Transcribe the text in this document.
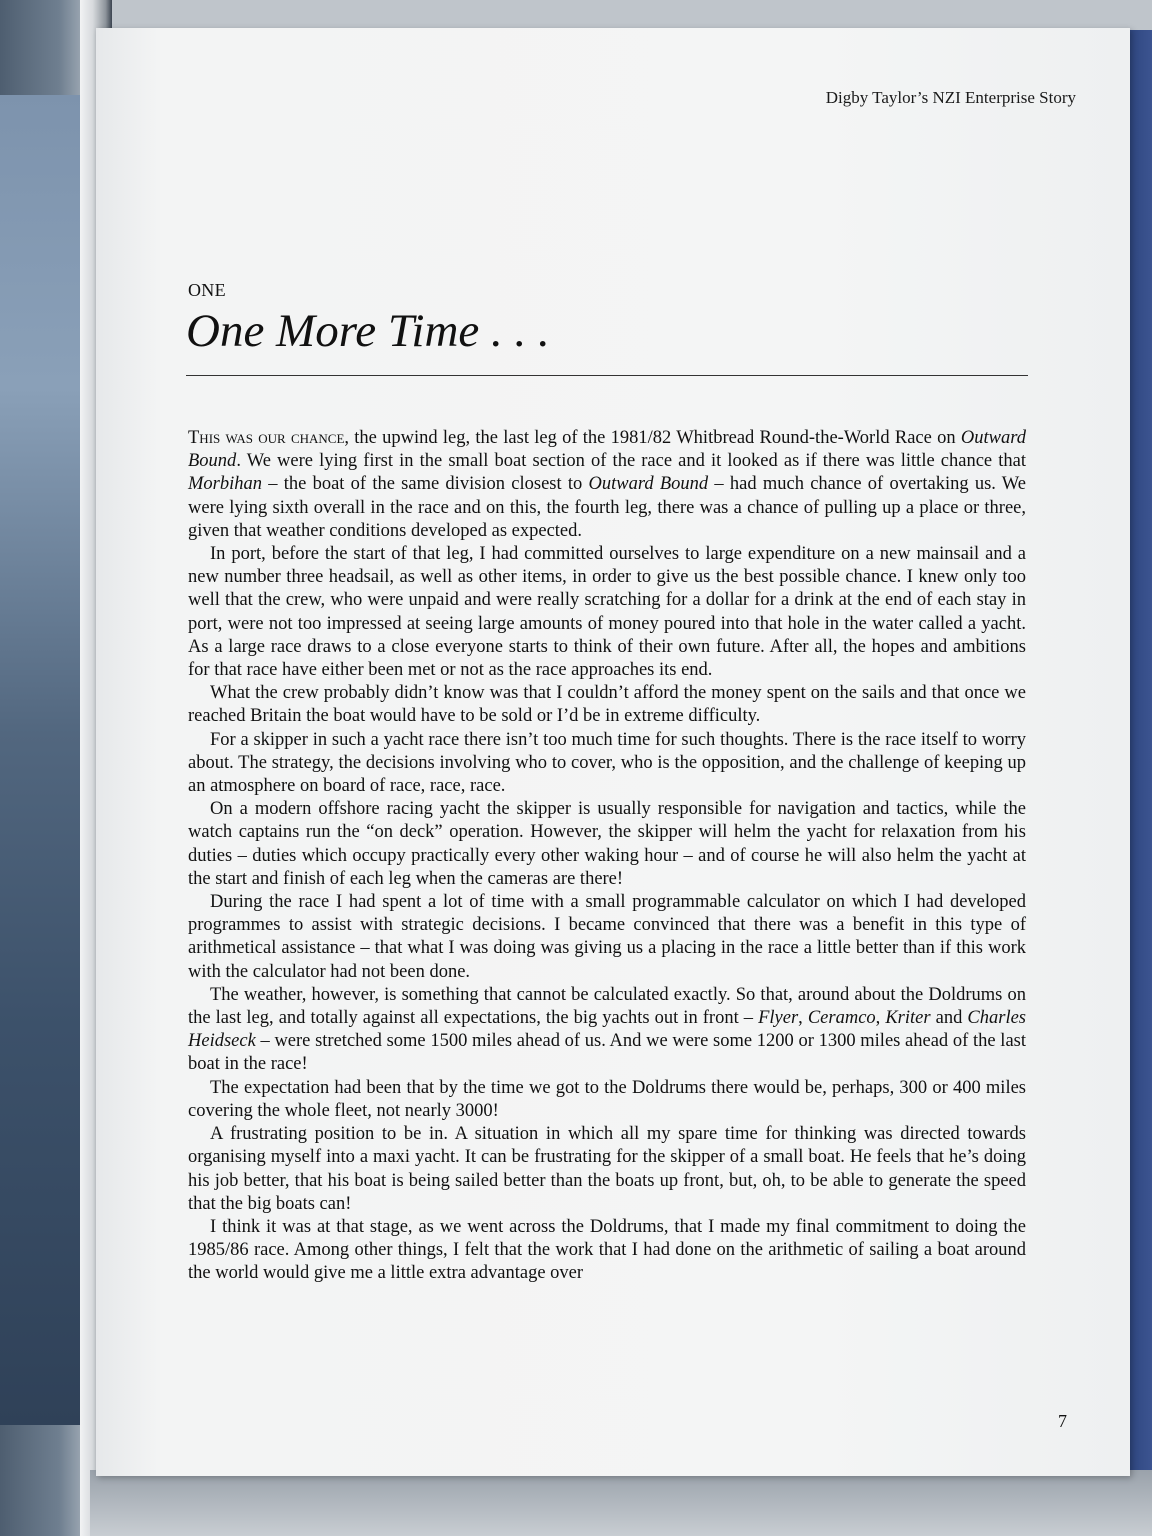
Digby Taylor’s NZI Enterprise Story
ONE
One More Time . . .

This was our chance, the upwind leg, the last leg of the 1981/82 Whitbread Round-the-World Race on Outward Bound. We were lying first in the small boat section of the race and it looked as if there was little chance that Morbihan – the boat of the same division closest to Outward Bound – had much chance of overtaking us. We were lying sixth overall in the race and on this, the fourth leg, there was a chance of pulling up a place or three, given that weather conditions developed as expected.

In port, before the start of that leg, I had committed ourselves to large expenditure on a new mainsail and a new number three headsail, as well as other items, in order to give us the best possible chance. I knew only too well that the crew, who were unpaid and were really scratching for a dollar for a drink at the end of each stay in port, were not too impressed at seeing large amounts of money poured into that hole in the water called a yacht. As a large race draws to a close everyone starts to think of their own future. After all, the hopes and ambitions for that race have either been met or not as the race approaches its end.

What the crew probably didn’t know was that I couldn’t afford the money spent on the sails and that once we reached Britain the boat would have to be sold or I’d be in extreme difficulty.

For a skipper in such a yacht race there isn’t too much time for such thoughts. There is the race itself to worry about. The strategy, the decisions involving who to cover, who is the opposition, and the challenge of keeping up an atmosphere on board of race, race, race.

On a modern offshore racing yacht the skipper is usually responsible for navigation and tactics, while the watch captains run the “on deck” operation. However, the skipper will helm the yacht for relaxation from his duties – duties which occupy practically every other waking hour – and of course he will also helm the yacht at the start and finish of each leg when the cameras are there!

During the race I had spent a lot of time with a small programmable calculator on which I had developed programmes to assist with strategic decisions. I became convinced that there was a benefit in this type of arithmetical assistance – that what I was doing was giving us a placing in the race a little better than if this work with the calculator had not been done.

The weather, however, is something that cannot be calculated exactly. So that, around about the Doldrums on the last leg, and totally against all expectations, the big yachts out in front – Flyer, Ceramco, Kriter and Charles Heidseck – were stretched some 1500 miles ahead of us. And we were some 1200 or 1300 miles ahead of the last boat in the race!

The expectation had been that by the time we got to the Doldrums there would be, perhaps, 300 or 400 miles covering the whole fleet, not nearly 3000!

A frustrating position to be in. A situation in which all my spare time for thinking was directed towards organising myself into a maxi yacht. It can be frustrating for the skipper of a small boat. He feels that he’s doing his job better, that his boat is being sailed better than the boats up front, but, oh, to be able to generate the speed that the big boats can!

I think it was at that stage, as we went across the Doldrums, that I made my final commitment to doing the 1985/86 race. Among other things, I felt that the work that I had done on the arithmetic of sailing a boat around the world would give me a little extra advantage over

7
